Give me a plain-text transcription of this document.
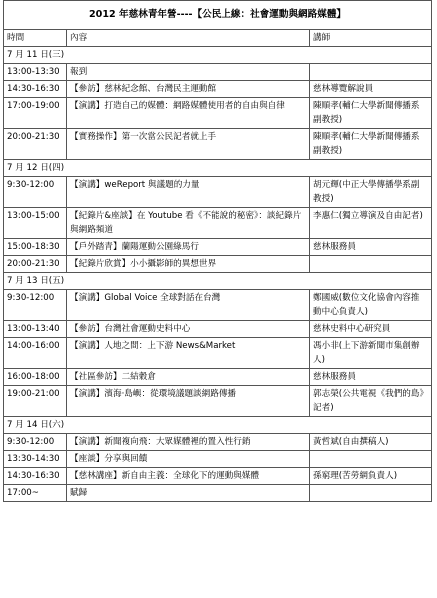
2012 年慈林青年營----【公民上線：社會運動與網路媒體】		
時間	內容	講師
7 月 11 日(三)		
13:00-13:30	報到	
14:30-16:30	【參訪】慈林紀念館、台灣民主運動館	慈林導覽解說員
17:00-19:00	【演講】打造自己的媒體：網路媒體使用者的自由與自律	陳順孝(輔仁大學新聞傳播系副教授)
20:00-21:30	【實務操作】第一次當公民記者就上手	陳順孝(輔仁大學新聞傳播系副教授)
7 月 12 日(四)		
9:30-12:00	【演講】weReport 與議題的力量	胡元輝(中正大學傳播學系副教授)
13:00-15:00	【紀錄片&座談】在 Youtube 看《不能說的秘密》：談紀錄片與網路頻道	李惠仁(獨立導演及自由記者)
15:00-18:30	【戶外踏青】蘭陽運動公園綠馬行	慈林服務員
20:00-21:30	【紀錄片欣賞】小小攝影師的異想世界	
7 月 13 日(五)		
9:30-12:00	【演講】Global Voice 全球對話在台灣	鄭國威(數位文化協會內容推動中心負責人)
13:00-13:40	【參訪】台灣社會運動史料中心	慈林史料中心研究員
14:00-16:00	【演講】人地之間：上下游 News&Market	馮小非(上下游新聞市集創辦人)
16:00-18:00	【社區參訪】二結穀倉	慈林服務員
19:00-21:00	【演講】濱海‧島嶼：從環境議題談網路傳播	郭志榮(公共電視《我們的島》記者)
7 月 14 日(六)		
9:30-12:00	【演講】新聞複向飛：大眾媒體裡的置入性行銷	黃哲斌(自由撰稿人)
13:30-14:30	【座談】分享與回饋	
14:30-16:30	【慈林講座】新自由主義：全球化下的運動與媒體	孫窮理(苦勞網負責人)
17:00~	賦歸	
